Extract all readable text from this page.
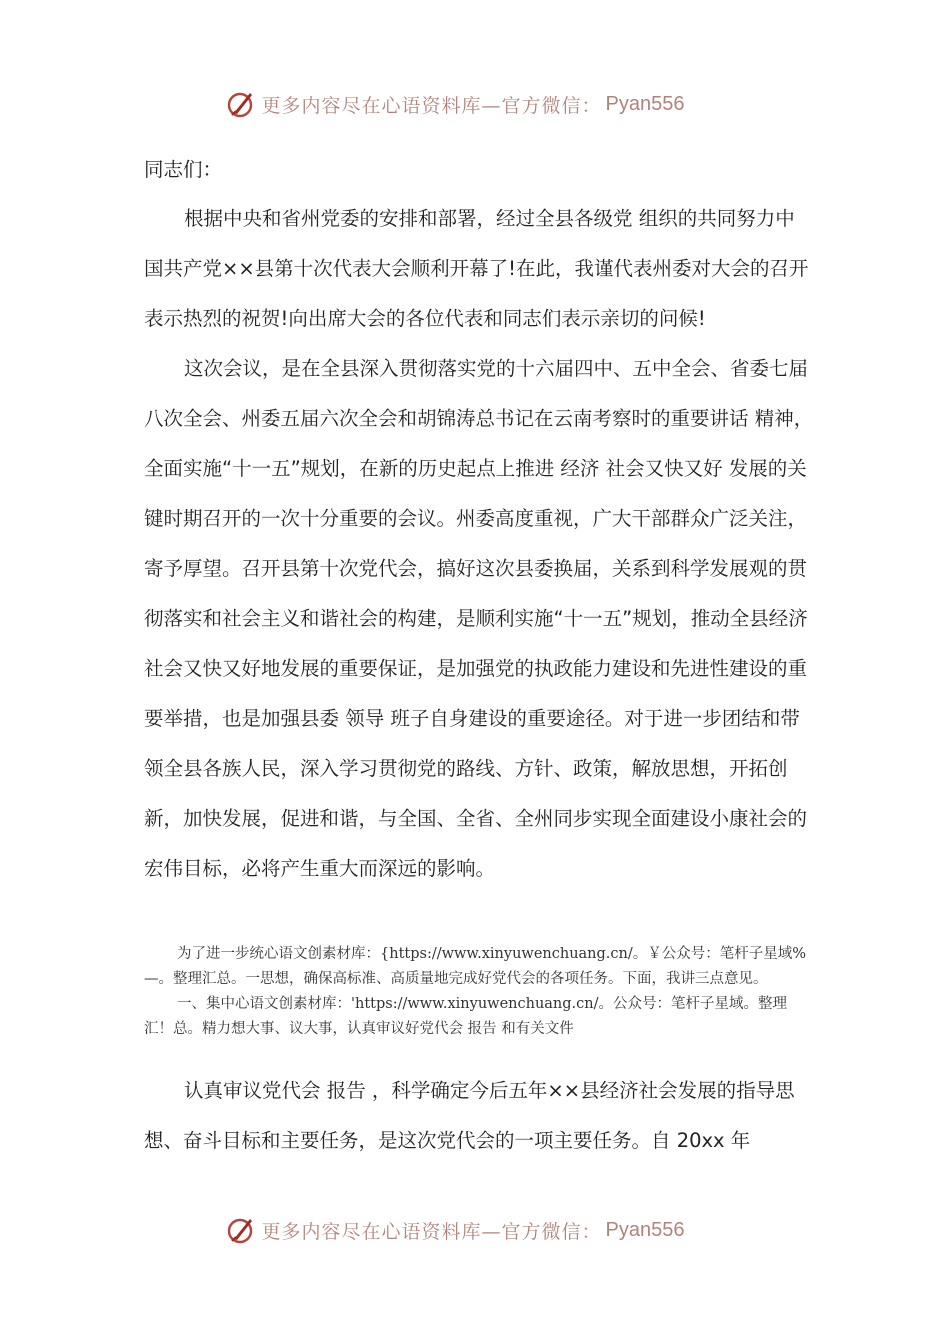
更多内容尽在心语资料库—官方微信： Pyan556
同志们：

根据中央和省州党委的安排和部署，经过全县各级党 组织的共同努力中国共产党××县第十次代表大会顺利开幕了!在此，我谨代表州委对大会的召开表示热烈的祝贺!向出席大会的各位代表和同志们表示亲切的问候!

这次会议，是在全县深入贯彻落实党的十六届四中、五中全会、省委七届八次全会、州委五届六次全会和胡锦涛总书记在云南考察时的重要讲话 精神，全面实施“十一五”规划，在新的历史起点上推进 经济 社会又快又好 发展的关键时期召开的一次十分重要的会议。州委高度重视，广大干部群众广泛关注，寄予厚望。召开县第十次党代会，搞好这次县委换届，关系到科学发展观的贯彻落实和社会主义和谐社会的构建，是顺利实施“十一五”规划，推动全县经济社会又快又好地发展的重要保证，是加强党的执政能力建设和先进性建设的重要举措，也是加强县委 领导 班子自身建设的重要途径。对于进一步团结和带领全县各族人民，深入学习贯彻党的路线、方针、政策，解放思想，开拓创新，加快发展，促进和谐，与全国、全省、全州同步实现全面建设小康社会的宏伟目标，必将产生重大而深远的影响。

为了进一步统心语文创素材库：{https://www.xinyuwenchuang.cn/。￥公众号：笔杆子星域%—。整理汇总。一思想，确保高标准、高质量地完成好党代会的各项任务。下面，我讲三点意见。

一、集中心语文创素材库：'https://www.xinyuwenchuang.cn/。公众号：笔杆子星域。整理汇！总。精力想大事、议大事，认真审议好党代会 报告 和有关文件

认真审议党代会 报告 ，科学确定今后五年××县经济社会发展的指导思想、奋斗目标和主要任务，是这次党代会的一项主要任务。自 20xx 年

更多内容尽在心语资料库—官方微信： Pyan556
